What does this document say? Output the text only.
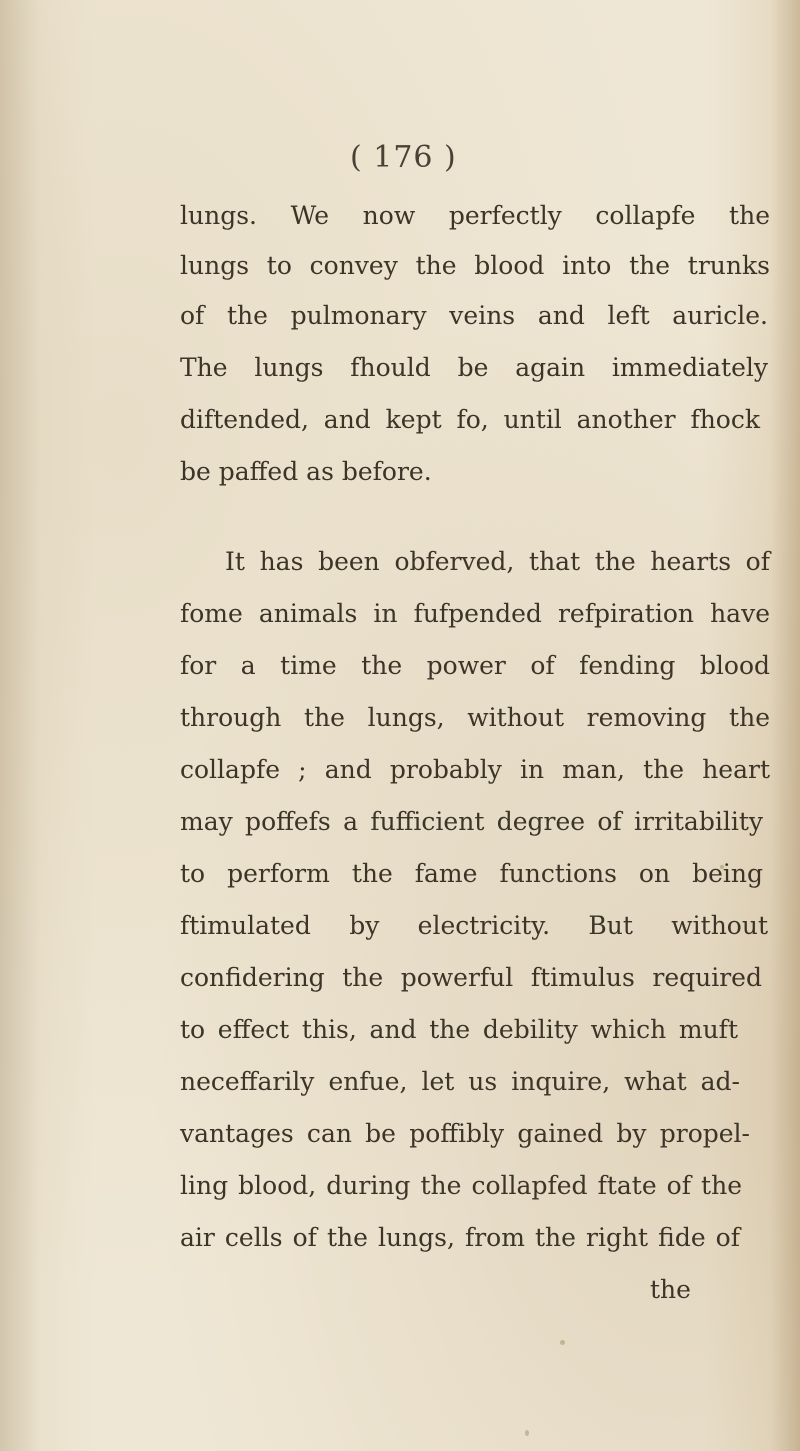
( 176 )
lungs. We now perfectly collapfe the
lungs to convey the blood into the trunks
of the pulmonary veins and left auricle.
The lungs fhould be again immediately
diftended, and kept fo, until another fhock
be paffed as before.
It has been obferved, that the hearts of
fome animals in fufpended refpiration have
for a time the power of fending blood
through the lungs, without removing the
collapfe ; and probably in man, the heart
may poffefs a fufficient degree of irritability
to perform the fame functions on being
ftimulated by electricity. But without
confidering the powerful ftimulus required
to effect this, and the debility which muft
neceffarily enfue, let us inquire, what ad-
vantages can be poffibly gained by propel-
ling blood, during the collapfed ftate of the
air cells of the lungs, from the right fide of
the
